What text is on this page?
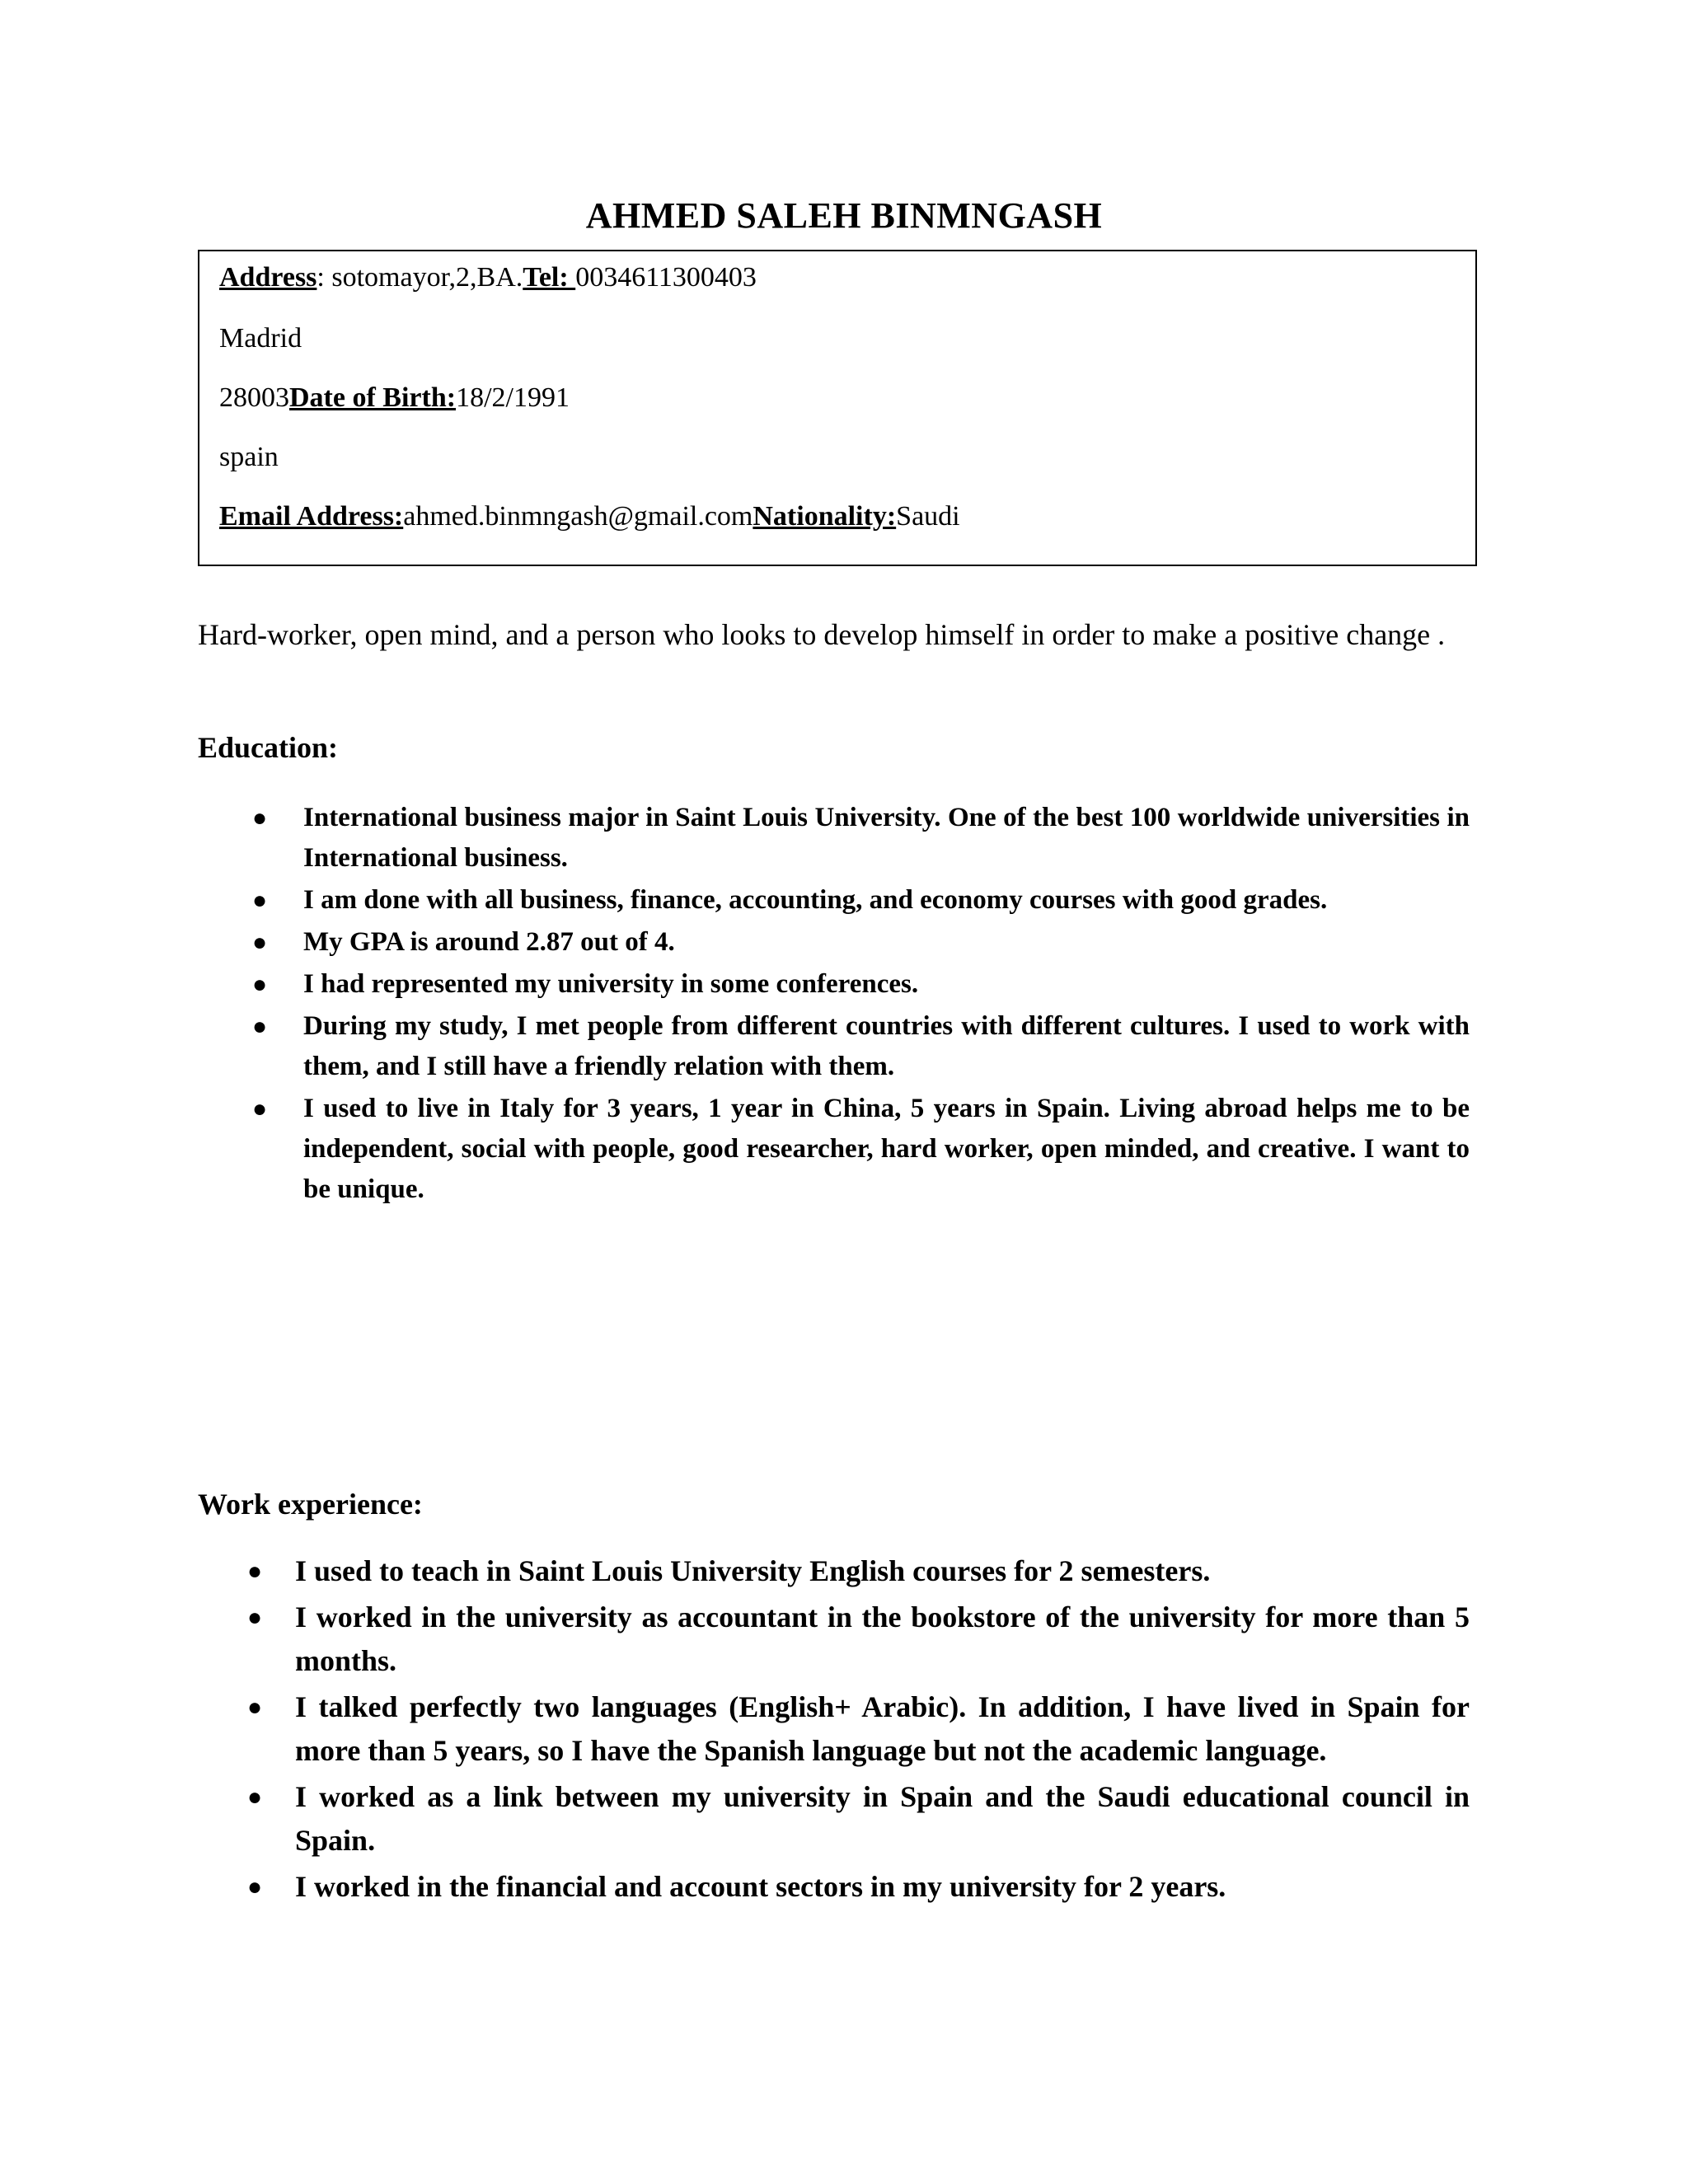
AHMED SALEH BINMNGASH
Address: sotomayor,2,BA.Tel: 0034611300403
Madrid
28003Date of Birth:18/2/1991
spain
Email Address:ahmed.binmngash@gmail.comNationality:Saudi
Hard-worker, open mind, and a person who looks to develop himself in order to make a positive change .
Education:
● International business major in Saint Louis University. One of the best 100 worldwide universities in International business.
● I am done with all business, finance, accounting, and economy courses with good grades.
● My GPA is around 2.87 out of 4.
● I had represented my university in some conferences.
● During my study, I met people from different countries with different cultures. I used to work with them, and I still have a friendly relation with them.
● I used to live in Italy for 3 years, 1 year in China, 5 years in Spain. Living abroad helps me to be independent, social with people, good researcher, hard worker, open minded, and creative. I want to be unique.
Work experience:
● I used to teach in Saint Louis University English courses for 2 semesters.
● I worked in the university as accountant in the bookstore of the university for more than 5 months.
● I talked perfectly two languages (English+ Arabic). In addition, I have lived in Spain for more than 5 years, so I have the Spanish language but not the academic language.
● I worked as a link between my university in Spain and the Saudi educational council in Spain.
● I worked in the financial and account sectors in my university for 2 years.
